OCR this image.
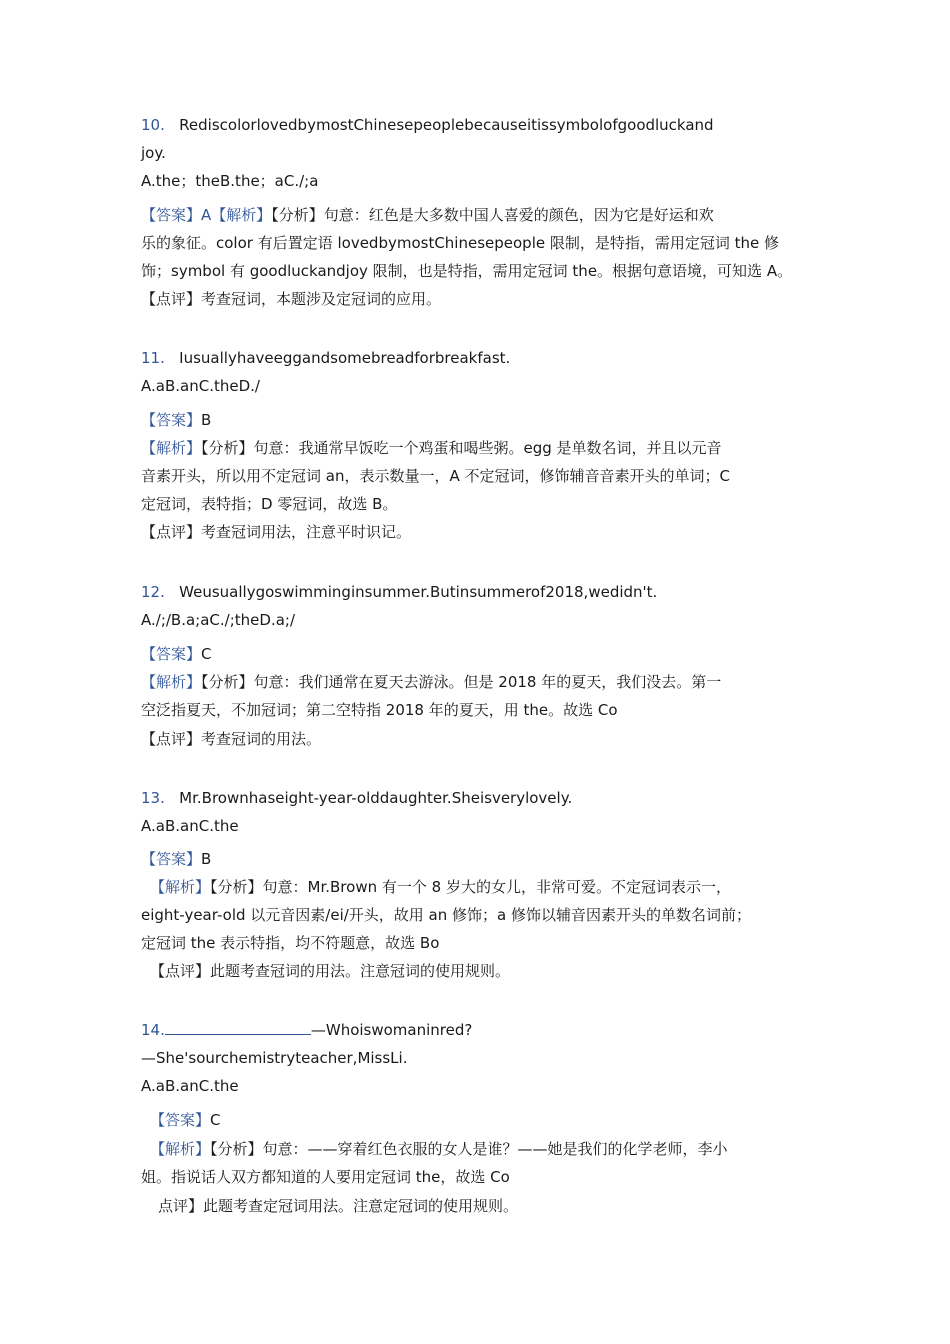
10. RediscolorlovedbymostChinesepeoplebecauseitissymbolofgoodluckand
joy.
A.the；theB.the；aC./;a
【答案】A【解析】【分析】句意：红色是大多数中国人喜爱的颜色，因为它是好运和欢
乐的象征。color 有后置定语 lovedbymostChinesepeople 限制，是特指，需用定冠词 the 修
饰；symbol 有 goodluckandjoy 限制，也是特指，需用定冠词 the。根据句意语境，可知选 A。
【点评】考查冠词，本题涉及定冠词的应用。
11. Iusuallyhaveeggandsomebreadforbreakfast.
A.aB.anC.theD./
【答案】B
【解析】【分析】句意：我通常早饭吃一个鸡蛋和喝些粥。egg 是单数名词，并且以元音
音素开头，所以用不定冠词 an，表示数量一，A 不定冠词，修饰辅音音素开头的单词；C
定冠词，表特指；D 零冠词，故选 B。
【点评】考查冠词用法，注意平时识记。
12. Weusuallygoswimminginsummer.Butinsummerof2018,wedidn't.
A./;/B.a;aC./;theD.a;/
【答案】C
【解析】【分析】句意：我们通常在夏天去游泳。但是 2018 年的夏天，我们没去。第一
空泛指夏天，不加冠词；第二空特指 2018 年的夏天，用 the。故选 Co
【点评】考查冠词的用法。
13. Mr.Brownhaseight-year-olddaughter.Sheisverylovely.
A.aB.anC.the
【答案】B
【解析】【分析】句意：Mr.Brown 有一个 8 岁大的女儿，非常可爱。不定冠词表示一，
eight-year-old 以元音因素/ei/开头，故用 an 修饰；a 修饰以辅音因素开头的单数名词前；
定冠词 the 表示特指，均不符题意，故选 Bo
【点评】此题考查冠词的用法。注意冠词的使用规则。
14.	—Whoiswomaninred?
—She'sourchemistryteacher,MissLi.
A.aB.anC.the
【答案】C
【解析】【分析】句意：——穿着红色衣服的女人是谁？——她是我们的化学老师，李小
姐。指说话人双方都知道的人要用定冠词 the，故选 Co
点评】此题考查定冠词用法。注意定冠词的使用规则。
